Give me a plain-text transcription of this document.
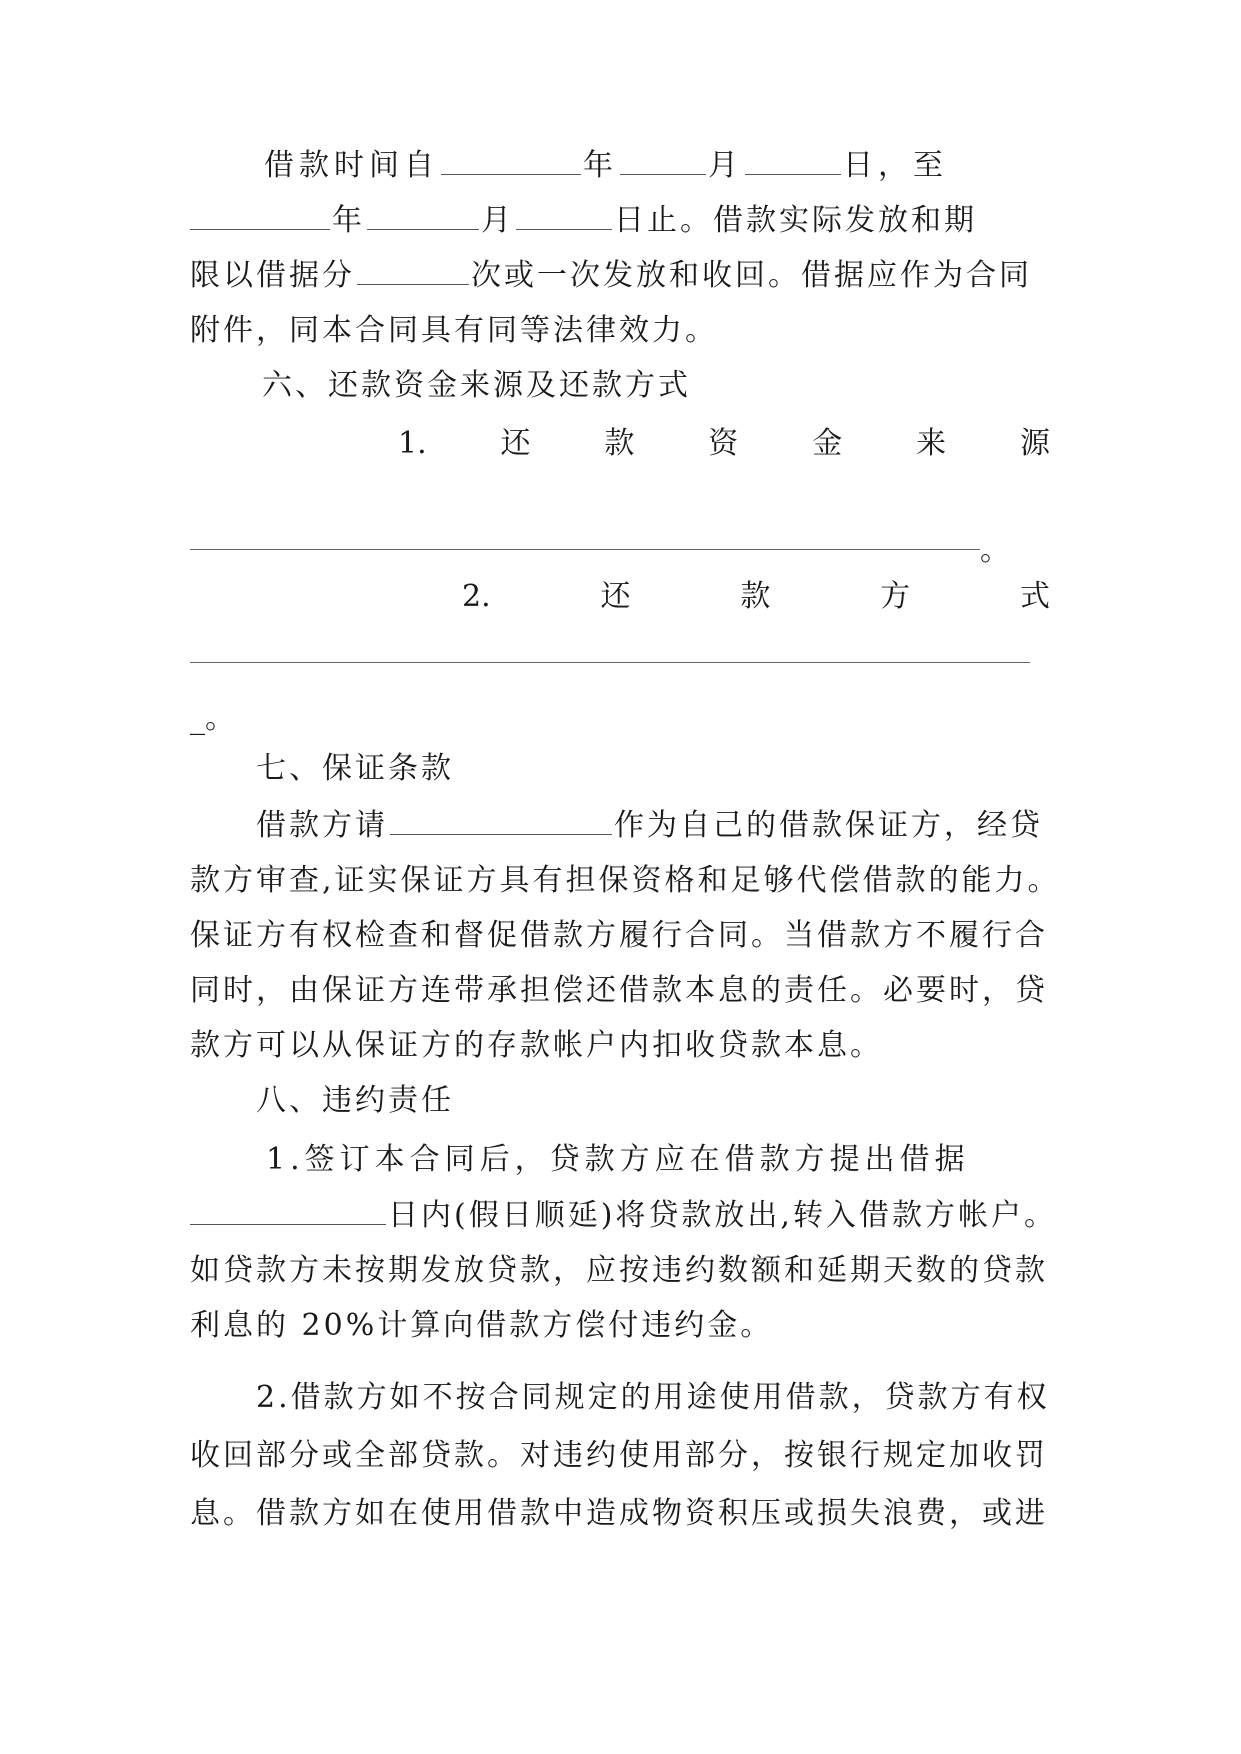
借款时间自	年	月	日，至
年	月	日止。借款实际发放和期
限以借据分	次或一次发放和收回。借据应作为合同
附件，同本合同具有同等法律效力。
六、还款资金来源及还款方式
1. 还 款 资 金 来 源
。
2.	还	款	方	式
_。
七、保证条款
借款方请	作为自己的借款保证方，经贷
款方审查,证实保证方具有担保资格和足够代偿借款的能力。
保证方有权检查和督促借款方履行合同。当借款方不履行合
同时，由保证方连带承担偿还借款本息的责任。必要时，贷
款方可以从保证方的存款帐户内扣收贷款本息。
八、违约责任
1.签订本合同后，贷款方应在借款方提出借据
日内(假日顺延)将贷款放出,转入借款方帐户。
如贷款方未按期发放贷款，应按违约数额和延期天数的贷款
利息的 20%计算向借款方偿付违约金。
2.借款方如不按合同规定的用途使用借款，贷款方有权
收回部分或全部贷款。对违约使用部分，按银行规定加收罚
息。借款方如在使用借款中造成物资积压或损失浪费，或进
